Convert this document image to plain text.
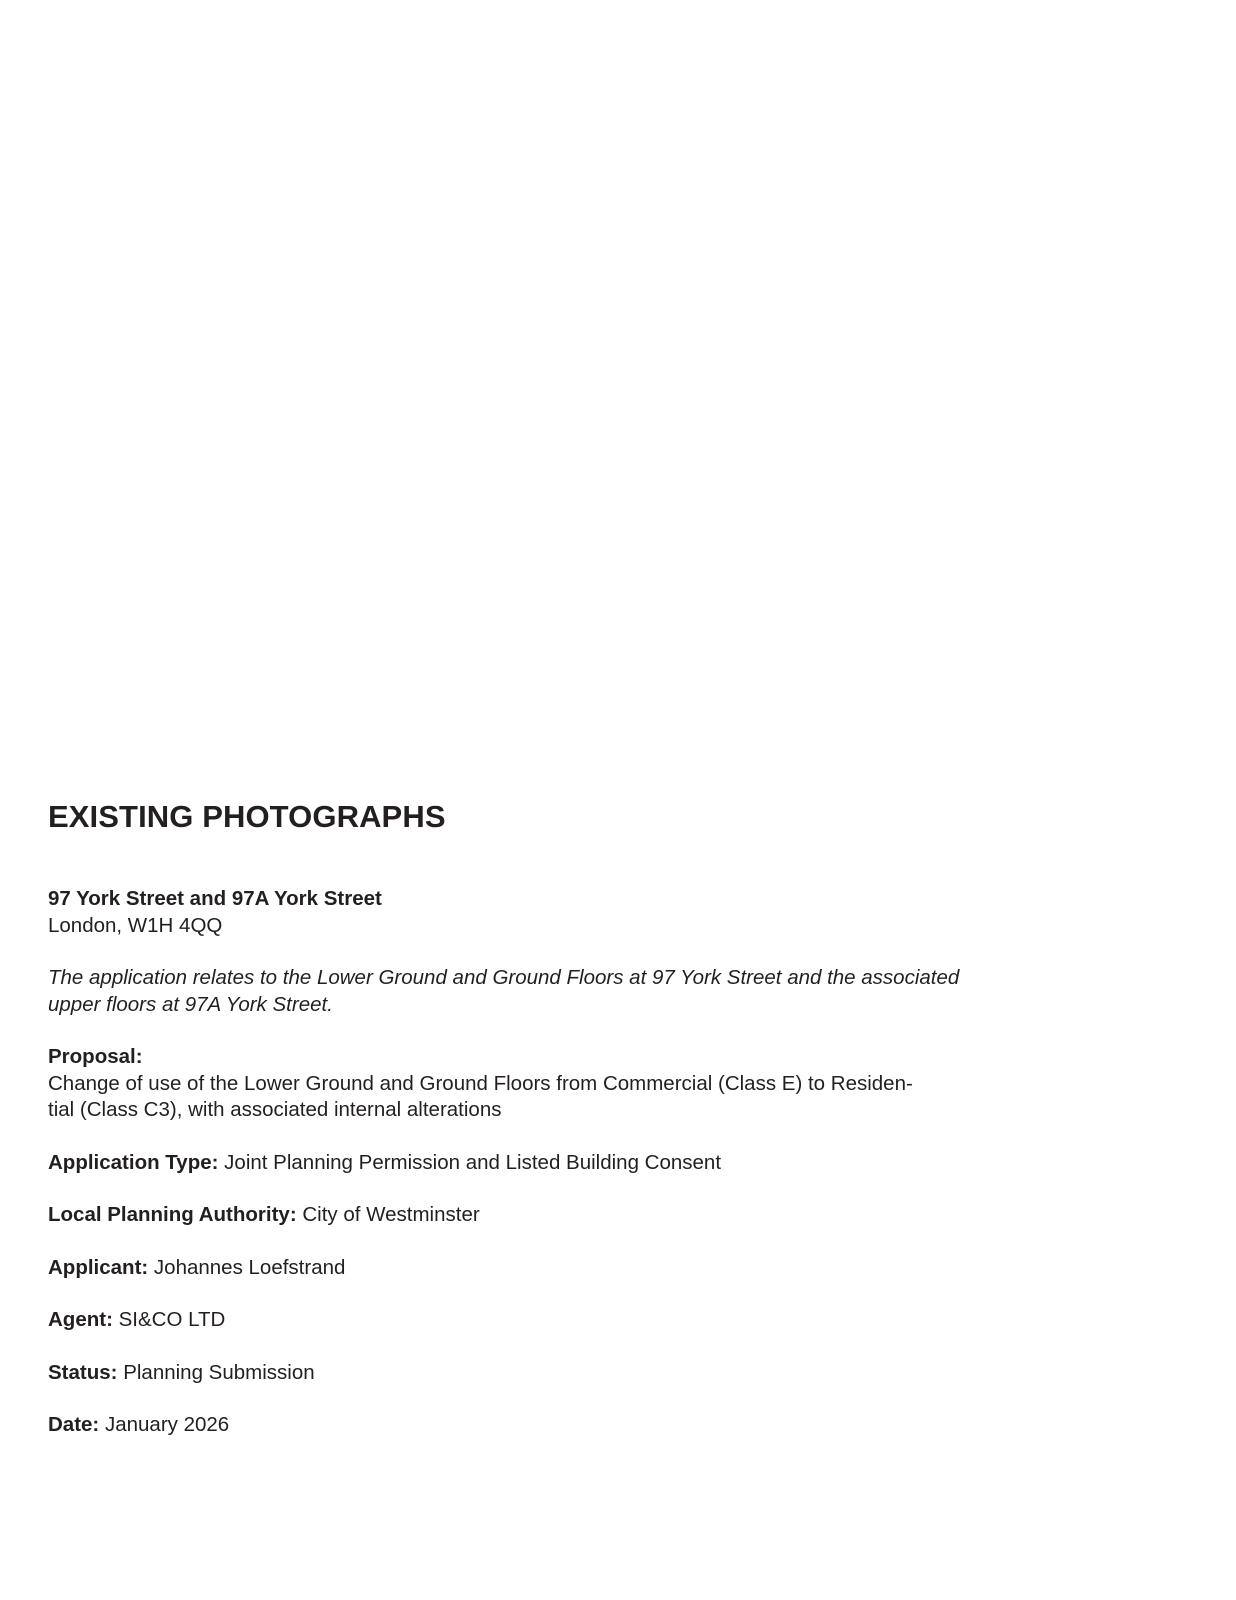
EXISTING PHOTOGRAPHS
97 York Street and 97A York Street
London, W1H 4QQ
The application relates to the Lower Ground and Ground Floors at 97 York Street and the associated upper floors at 97A York Street.
Proposal:
Change of use of the Lower Ground and Ground Floors from Commercial (Class E) to Residen-
tial (Class C3), with associated internal alterations
Application Type: Joint Planning Permission and Listed Building Consent
Local Planning Authority: City of Westminster
Applicant: Johannes Loefstrand
Agent: SI&CO LTD
Status: Planning Submission
Date: January 2026
